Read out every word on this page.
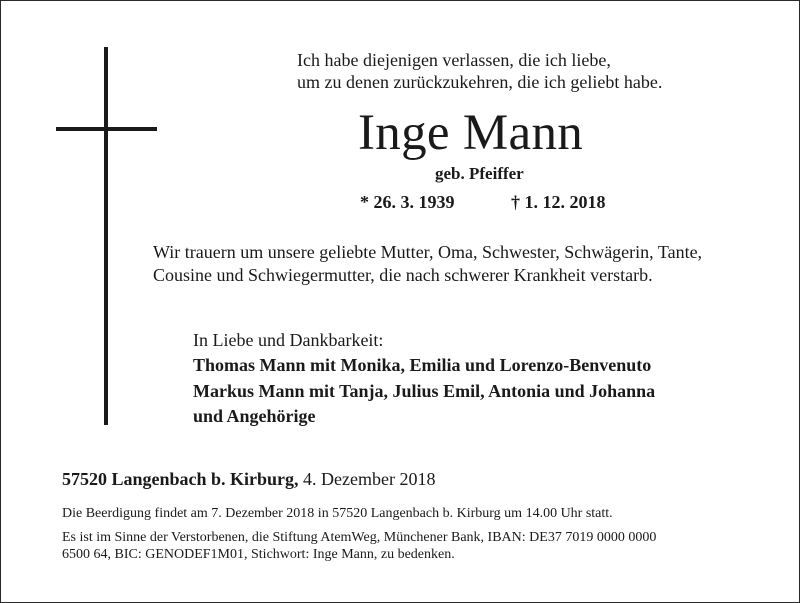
Ich habe diejenigen verlassen, die ich liebe,

um zu denen zurückzukehren, die ich geliebt habe.

Inge Mann

geb. Pfeiffer

* 26. 3. 1939	† 1. 12. 2018

Wir trauern um unsere geliebte Mutter, Oma, Schwester, Schwägerin, Tante,

Cousine und Schwiegermutter, die nach schwerer Krankheit verstarb.

In Liebe und Dankbarkeit:

Thomas Mann mit Monika, Emilia und Lorenzo-Benvenuto

Markus Mann mit Tanja, Julius Emil, Antonia und Johanna

und Angehörige

57520 Langenbach b. Kirburg, 4. Dezember 2018

Die Beerdigung findet am 7. Dezember 2018 in 57520 Langenbach b. Kirburg um 14.00 Uhr statt.

Es ist im Sinne der Verstorbenen, die Stiftung AtemWeg, Münchener Bank, IBAN: DE37 7019 0000 0000

6500 64, BIC: GENODEF1M01, Stichwort: Inge Mann, zu bedenken.
